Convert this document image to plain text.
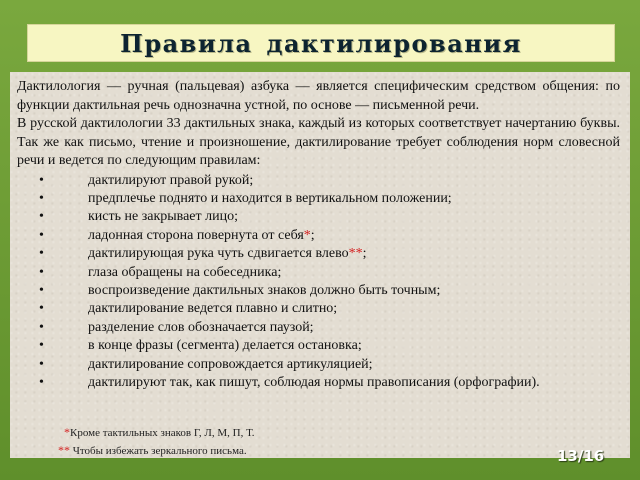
Правила дактилирования

Дактилология — ручная (пальцевая) азбука — является специфическим средством общения: по функции дактильная речь однозначна устной, по основе — письменной речи.

В русской дактилологии 33 дактильных знака, каждый из которых соответствует начертанию буквы. Так же как письмо, чтение и произношение, дактилирование требует соблюдения норм словесной речи и ведется по следующим правилам:

•	дактилируют правой рукой;
•	предплечье поднято и находится в вертикальном положении;
•	кисть не закрывает лицо;
•	ладонная сторона повернута от себя*;
•	дактилирующая рука чуть сдвигается влево**;
•	глаза обращены на собеседника;
•	воспроизведение дактильных знаков должно быть точным;
•	дактилирование ведется плавно и слитно;
•	разделение слов обозначается паузой;
•	в конце фразы (сегмента) делается остановка;
•	дактилирование сопровождается артикуляцией;
•	дактилируют так, как пишут, соблюдая нормы правописания (орфографии).
*Кроме тактильных знаков Г, Л, М, П, Т.
** Чтобы избежать зеркального письма.	13/16
